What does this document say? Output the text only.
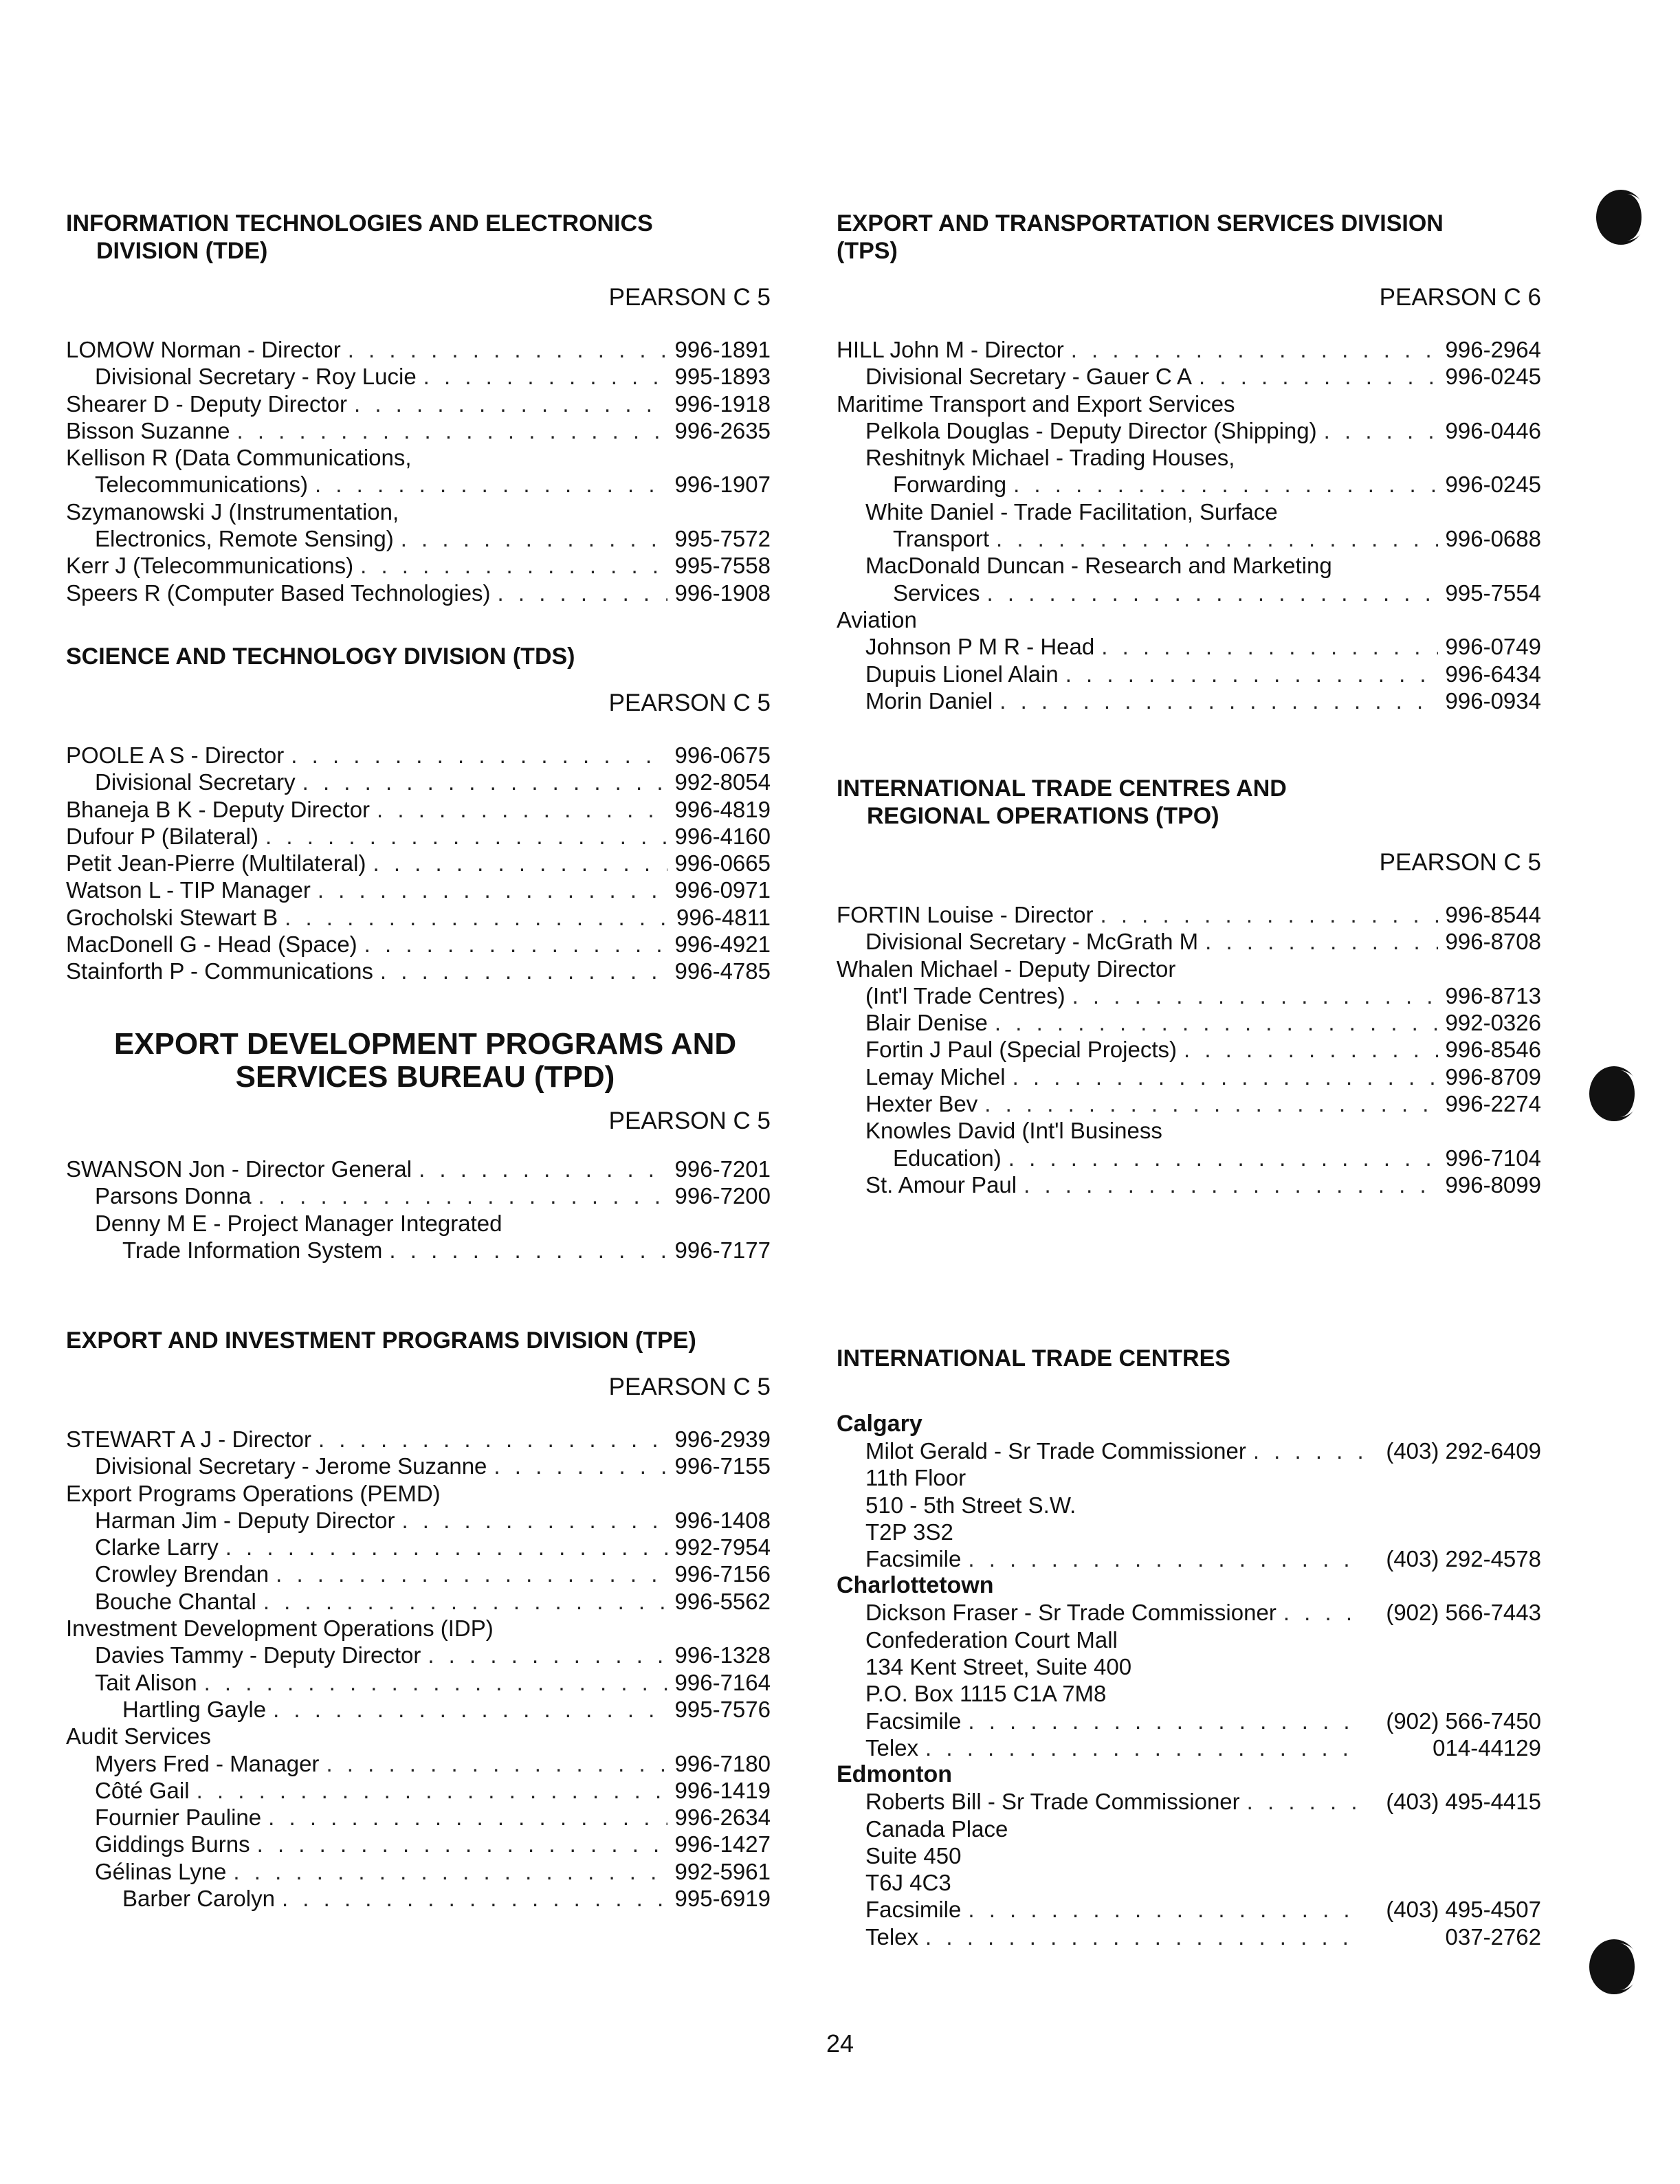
INFORMATION TECHNOLOGIES AND ELECTRONICS
DIVISION (TDE)
PEARSON C 5
LOMOW Norman - Director . . .	996-1891
Divisional Secretary - Roy Lucie . . .	995-1893
Shearer D - Deputy Director . . .	996-1918
Bisson Suzanne . . .	996-2635
Kellison R (Data Communications,
Telecommunications) . . .	996-1907
Szymanowski J (Instrumentation,
Electronics, Remote Sensing) . . .	995-7572
Kerr J (Telecommunications) . . .	995-7558
Speers R (Computer Based Technologies) . . .	996-1908
SCIENCE AND TECHNOLOGY DIVISION (TDS)
PEARSON C 5
POOLE A S - Director . . .	996-0675
Divisional Secretary . . .	992-8054
Bhaneja B K - Deputy Director . . .	996-4819
Dufour P (Bilateral) . . .	996-4160
Petit Jean-Pierre (Multilateral) . . .	996-0665
Watson L - TIP Manager . . .	996-0971
Grocholski Stewart B . . .	996-4811
MacDonell G - Head (Space) . . .	996-4921
Stainforth P - Communications . . .	996-4785
EXPORT DEVELOPMENT PROGRAMS AND
SERVICES BUREAU (TPD)
PEARSON C 5
SWANSON Jon - Director General . . .	996-7201
Parsons Donna . . .	996-7200
Denny M E - Project Manager Integrated
Trade Information System . . .	996-7177
EXPORT AND INVESTMENT PROGRAMS DIVISION (TPE)
PEARSON C 5
STEWART A J - Director . . .	996-2939
Divisional Secretary - Jerome Suzanne . . .	996-7155
Export Programs Operations (PEMD)
Harman Jim - Deputy Director . . .	996-1408
Clarke Larry . . .	992-7954
Crowley Brendan . . .	996-7156
Bouche Chantal . . .	996-5562
Investment Development Operations (IDP)
Davies Tammy - Deputy Director . . .	996-1328
Tait Alison . . .	996-7164
Hartling Gayle . . .	995-7576
Audit Services
Myers Fred - Manager . . .	996-7180
Côté Gail . . .	996-1419
Fournier Pauline . . .	996-2634
Giddings Burns . . .	996-1427
Gélinas Lyne . . .	992-5961
Barber Carolyn . . .	995-6919
EXPORT AND TRANSPORTATION SERVICES DIVISION
(TPS)
PEARSON C 6
HILL John M - Director . . .	996-2964
Divisional Secretary - Gauer C A . . .	996-0245
Maritime Transport and Export Services
Pelkola Douglas - Deputy Director (Shipping) . . .	996-0446
Reshitnyk Michael - Trading Houses,
Forwarding . . .	996-0245
White Daniel - Trade Facilitation, Surface
Transport . . .	996-0688
MacDonald Duncan - Research and Marketing
Services . . .	995-7554
Aviation
Johnson P M R - Head . . .	996-0749
Dupuis Lionel Alain . . .	996-6434
Morin Daniel . . .	996-0934
INTERNATIONAL TRADE CENTRES AND
REGIONAL OPERATIONS (TPO)
PEARSON C 5
FORTIN Louise - Director . . .	996-8544
Divisional Secretary - McGrath M . . .	996-8708
Whalen Michael - Deputy Director
(Int'l Trade Centres) . . .	996-8713
Blair Denise . . .	992-0326
Fortin J Paul (Special Projects) . . .	996-8546
Lemay Michel . . .	996-8709
Hexter Bev . . .	996-2274
Knowles David (Int'l Business
Education) . . .	996-7104
St. Amour Paul . . .	996-8099
INTERNATIONAL TRADE CENTRES
Calgary
Milot Gerald - Sr Trade Commissioner . . .	(403) 292-6409
11th Floor
510 - 5th Street S.W.
T2P 3S2
Facsimile . . .	(403) 292-4578
Charlottetown
Dickson Fraser - Sr Trade Commissioner . . .	(902) 566-7443
Confederation Court Mall
134 Kent Street, Suite 400
P.O. Box 1115 C1A 7M8
Facsimile . . .	(902) 566-7450
Telex . . .	014-44129
Edmonton
Roberts Bill - Sr Trade Commissioner . . .	(403) 495-4415
Canada Place
Suite 450
T6J 4C3
Facsimile . . .	(403) 495-4507
Telex . . .	037-2762
24
